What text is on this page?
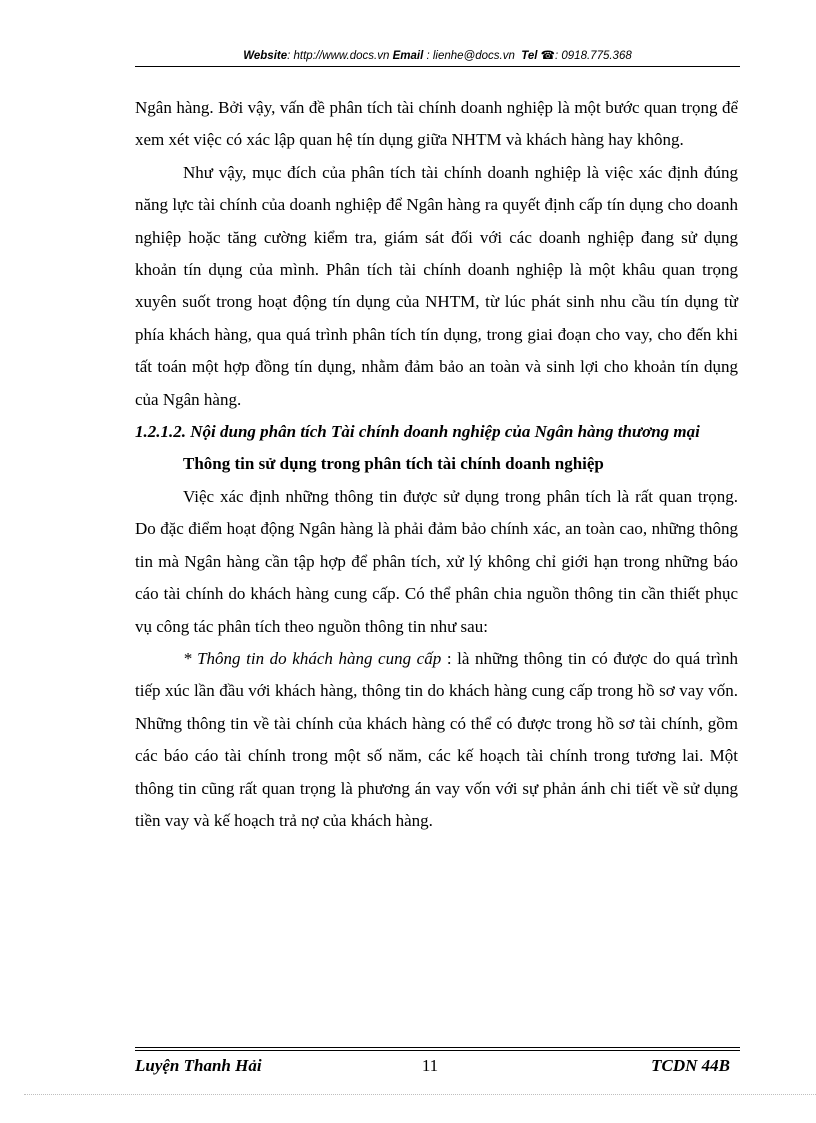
Website: http://www.docs.vn Email : lienhe@docs.vn Tel ☎: 0918.775.368

Ngân hàng. Bởi vậy, vấn đề phân tích tài chính doanh nghiệp là một bước quan trọng để xem xét việc có xác lập quan hệ tín dụng giữa NHTM và khách hàng hay không.

Như vậy, mục đích của phân tích tài chính doanh nghiệp là việc xác định đúng năng lực tài chính của doanh nghiệp để Ngân hàng ra quyết định cấp tín dụng cho doanh nghiệp hoặc tăng cường kiểm tra, giám sát đối với các doanh nghiệp đang sử dụng khoản tín dụng của mình. Phân tích tài chính doanh nghiệp là một khâu quan trọng xuyên suốt trong hoạt động tín dụng của NHTM, từ lúc phát sinh nhu cầu tín dụng từ phía khách hàng, qua quá trình phân tích tín dụng, trong giai đoạn cho vay, cho đến khi tất toán một hợp đồng tín dụng, nhằm đảm bảo an toàn và sinh lợi cho khoản tín dụng của Ngân hàng.

1.2.1.2. Nội dung phân tích Tài chính doanh nghiệp của Ngân hàng thương mại

Thông tin sử dụng trong phân tích tài chính doanh nghiệp

Việc xác định những thông tin được sử dụng trong phân tích là rất quan trọng. Do đặc điểm hoạt động Ngân hàng là phải đảm bảo chính xác, an toàn cao, những thông tin mà Ngân hàng cần tập hợp để phân tích, xử lý không chỉ giới hạn trong những báo cáo tài chính do khách hàng cung cấp. Có thể phân chia nguồn thông tin cần thiết phục vụ công tác phân tích theo nguồn thông tin như sau:

* Thông tin do khách hàng cung cấp : là những thông tin có được do quá trình tiếp xúc lần đầu với khách hàng, thông tin do khách hàng cung cấp trong hồ sơ vay vốn. Những thông tin về tài chính của khách hàng có thể có được trong hồ sơ tài chính, gồm các báo cáo tài chính trong một số năm, các kế hoạch tài chính trong tương lai. Một thông tin cũng rất quan trọng là phương án vay vốn với sự phản ánh chi tiết về sử dụng tiền vay và kế hoạch trả nợ của khách hàng.

Luyện Thanh Hải	11	TCDN 44B
